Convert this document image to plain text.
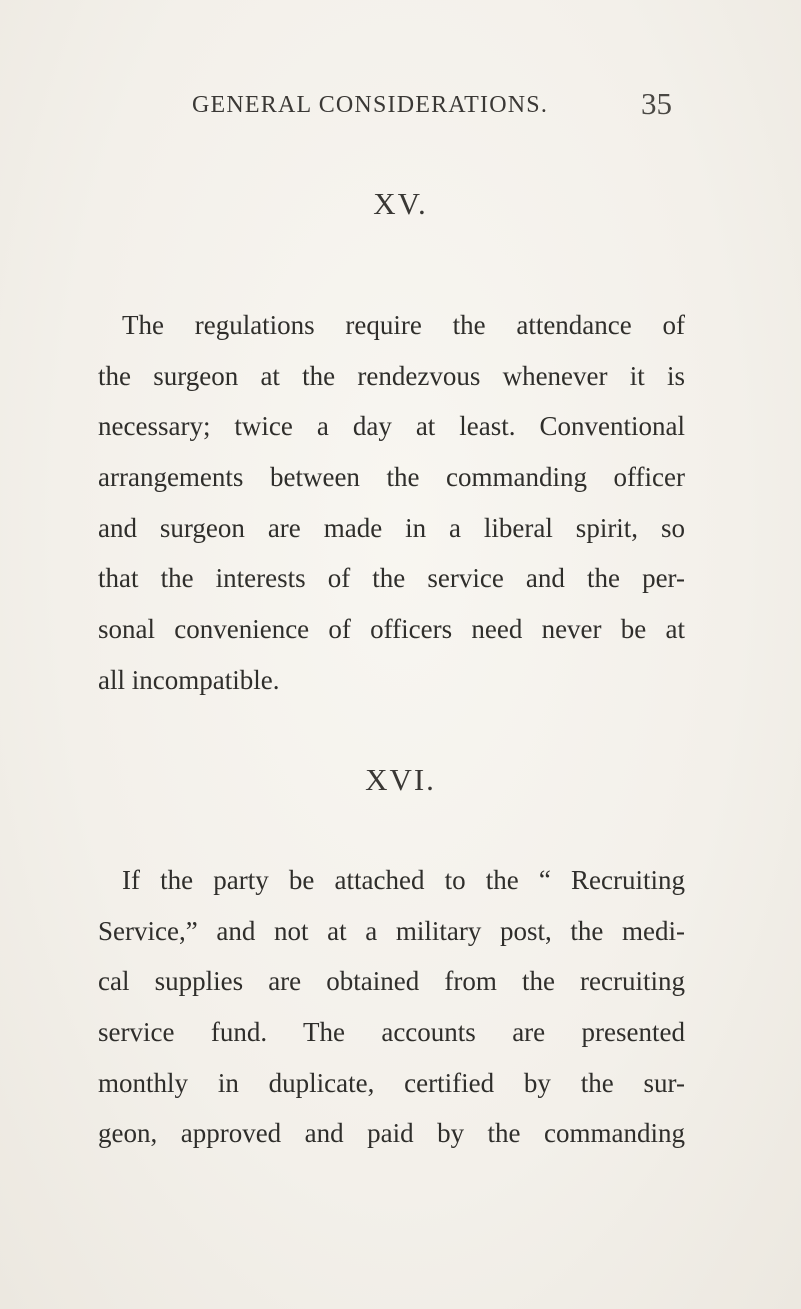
GENERAL CONSIDERATIONS.	35
XV.
The regulations require the attendance of
the surgeon at the rendezvous whenever it is
necessary; twice a day at least. Conventional
arrangements between the commanding officer
and surgeon are made in a liberal spirit, so
that the interests of the service and the per-
sonal convenience of officers need never be at
all incompatible.
XVI.
If the party be attached to the “ Recruiting
Service,” and not at a military post, the medi-
cal supplies are obtained from the recruiting
service fund. The accounts are presented
monthly in duplicate, certified by the sur-
geon, approved and paid by the commanding
